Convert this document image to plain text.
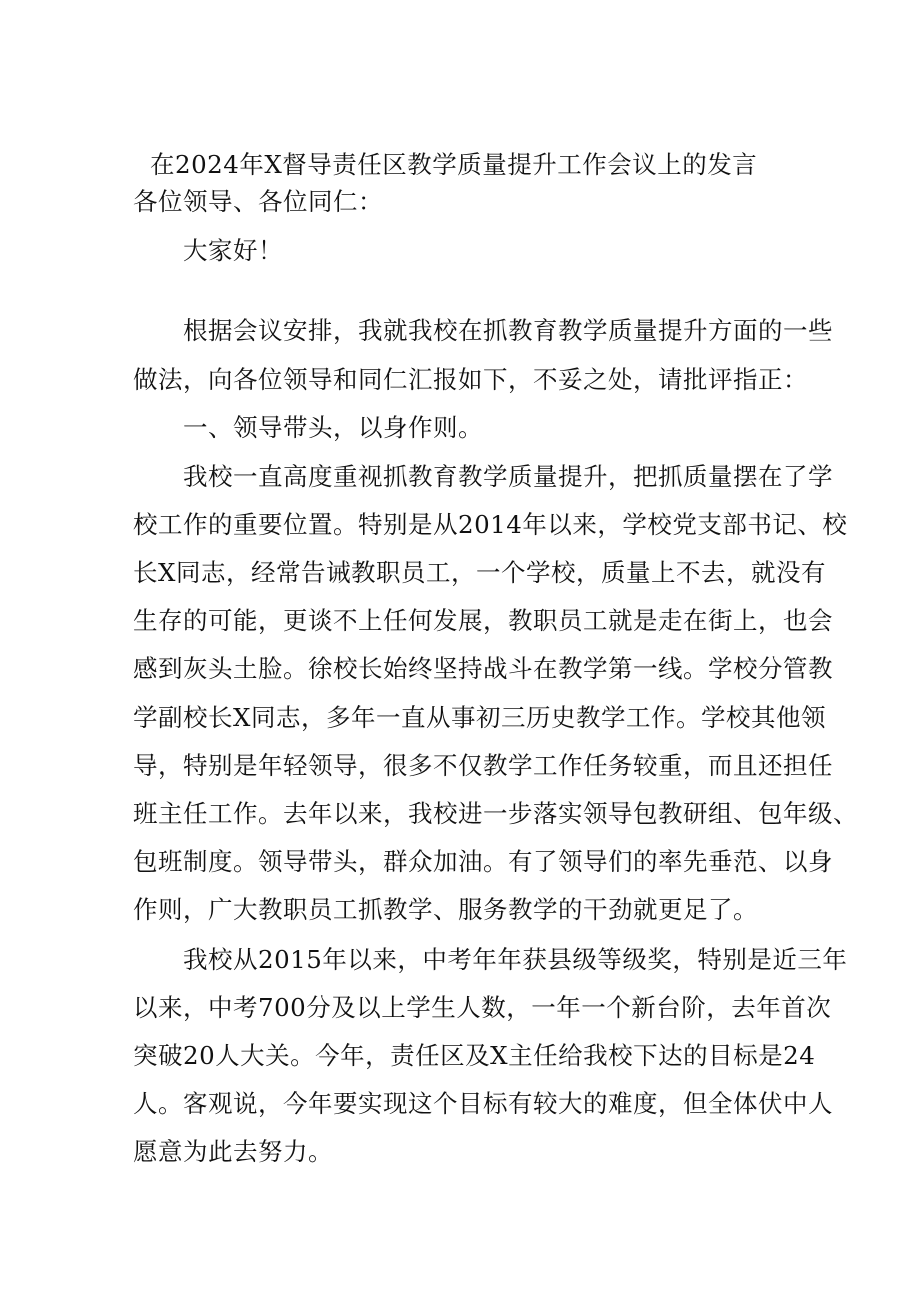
在2024年X督导责任区教学质量提升工作会议上的发言
各位领导、各位同仁：
大家好！
根据会议安排，我就我校在抓教育教学质量提升方面的一些
做法，向各位领导和同仁汇报如下，不妥之处，请批评指正：
一、领导带头，以身作则。
我校一直高度重视抓教育教学质量提升，把抓质量摆在了学
校工作的重要位置。特别是从2014年以来，学校党支部书记、校
长X同志，经常告诫教职员工，一个学校，质量上不去，就没有
生存的可能，更谈不上任何发展，教职员工就是走在街上，也会
感到灰头土脸。徐校长始终坚持战斗在教学第一线。学校分管教
学副校长X同志，多年一直从事初三历史教学工作。学校其他领
导，特别是年轻领导，很多不仅教学工作任务较重，而且还担任
班主任工作。去年以来，我校进一步落实领导包教研组、包年级、
包班制度。领导带头，群众加油。有了领导们的率先垂范、以身
作则，广大教职员工抓教学、服务教学的干劲就更足了。
我校从2015年以来，中考年年获县级等级奖，特别是近三年
以来，中考700分及以上学生人数，一年一个新台阶，去年首次
突破20人大关。今年，责任区及X主任给我校下达的目标是24
人。客观说，今年要实现这个目标有较大的难度，但全体伏中人
愿意为此去努力。
